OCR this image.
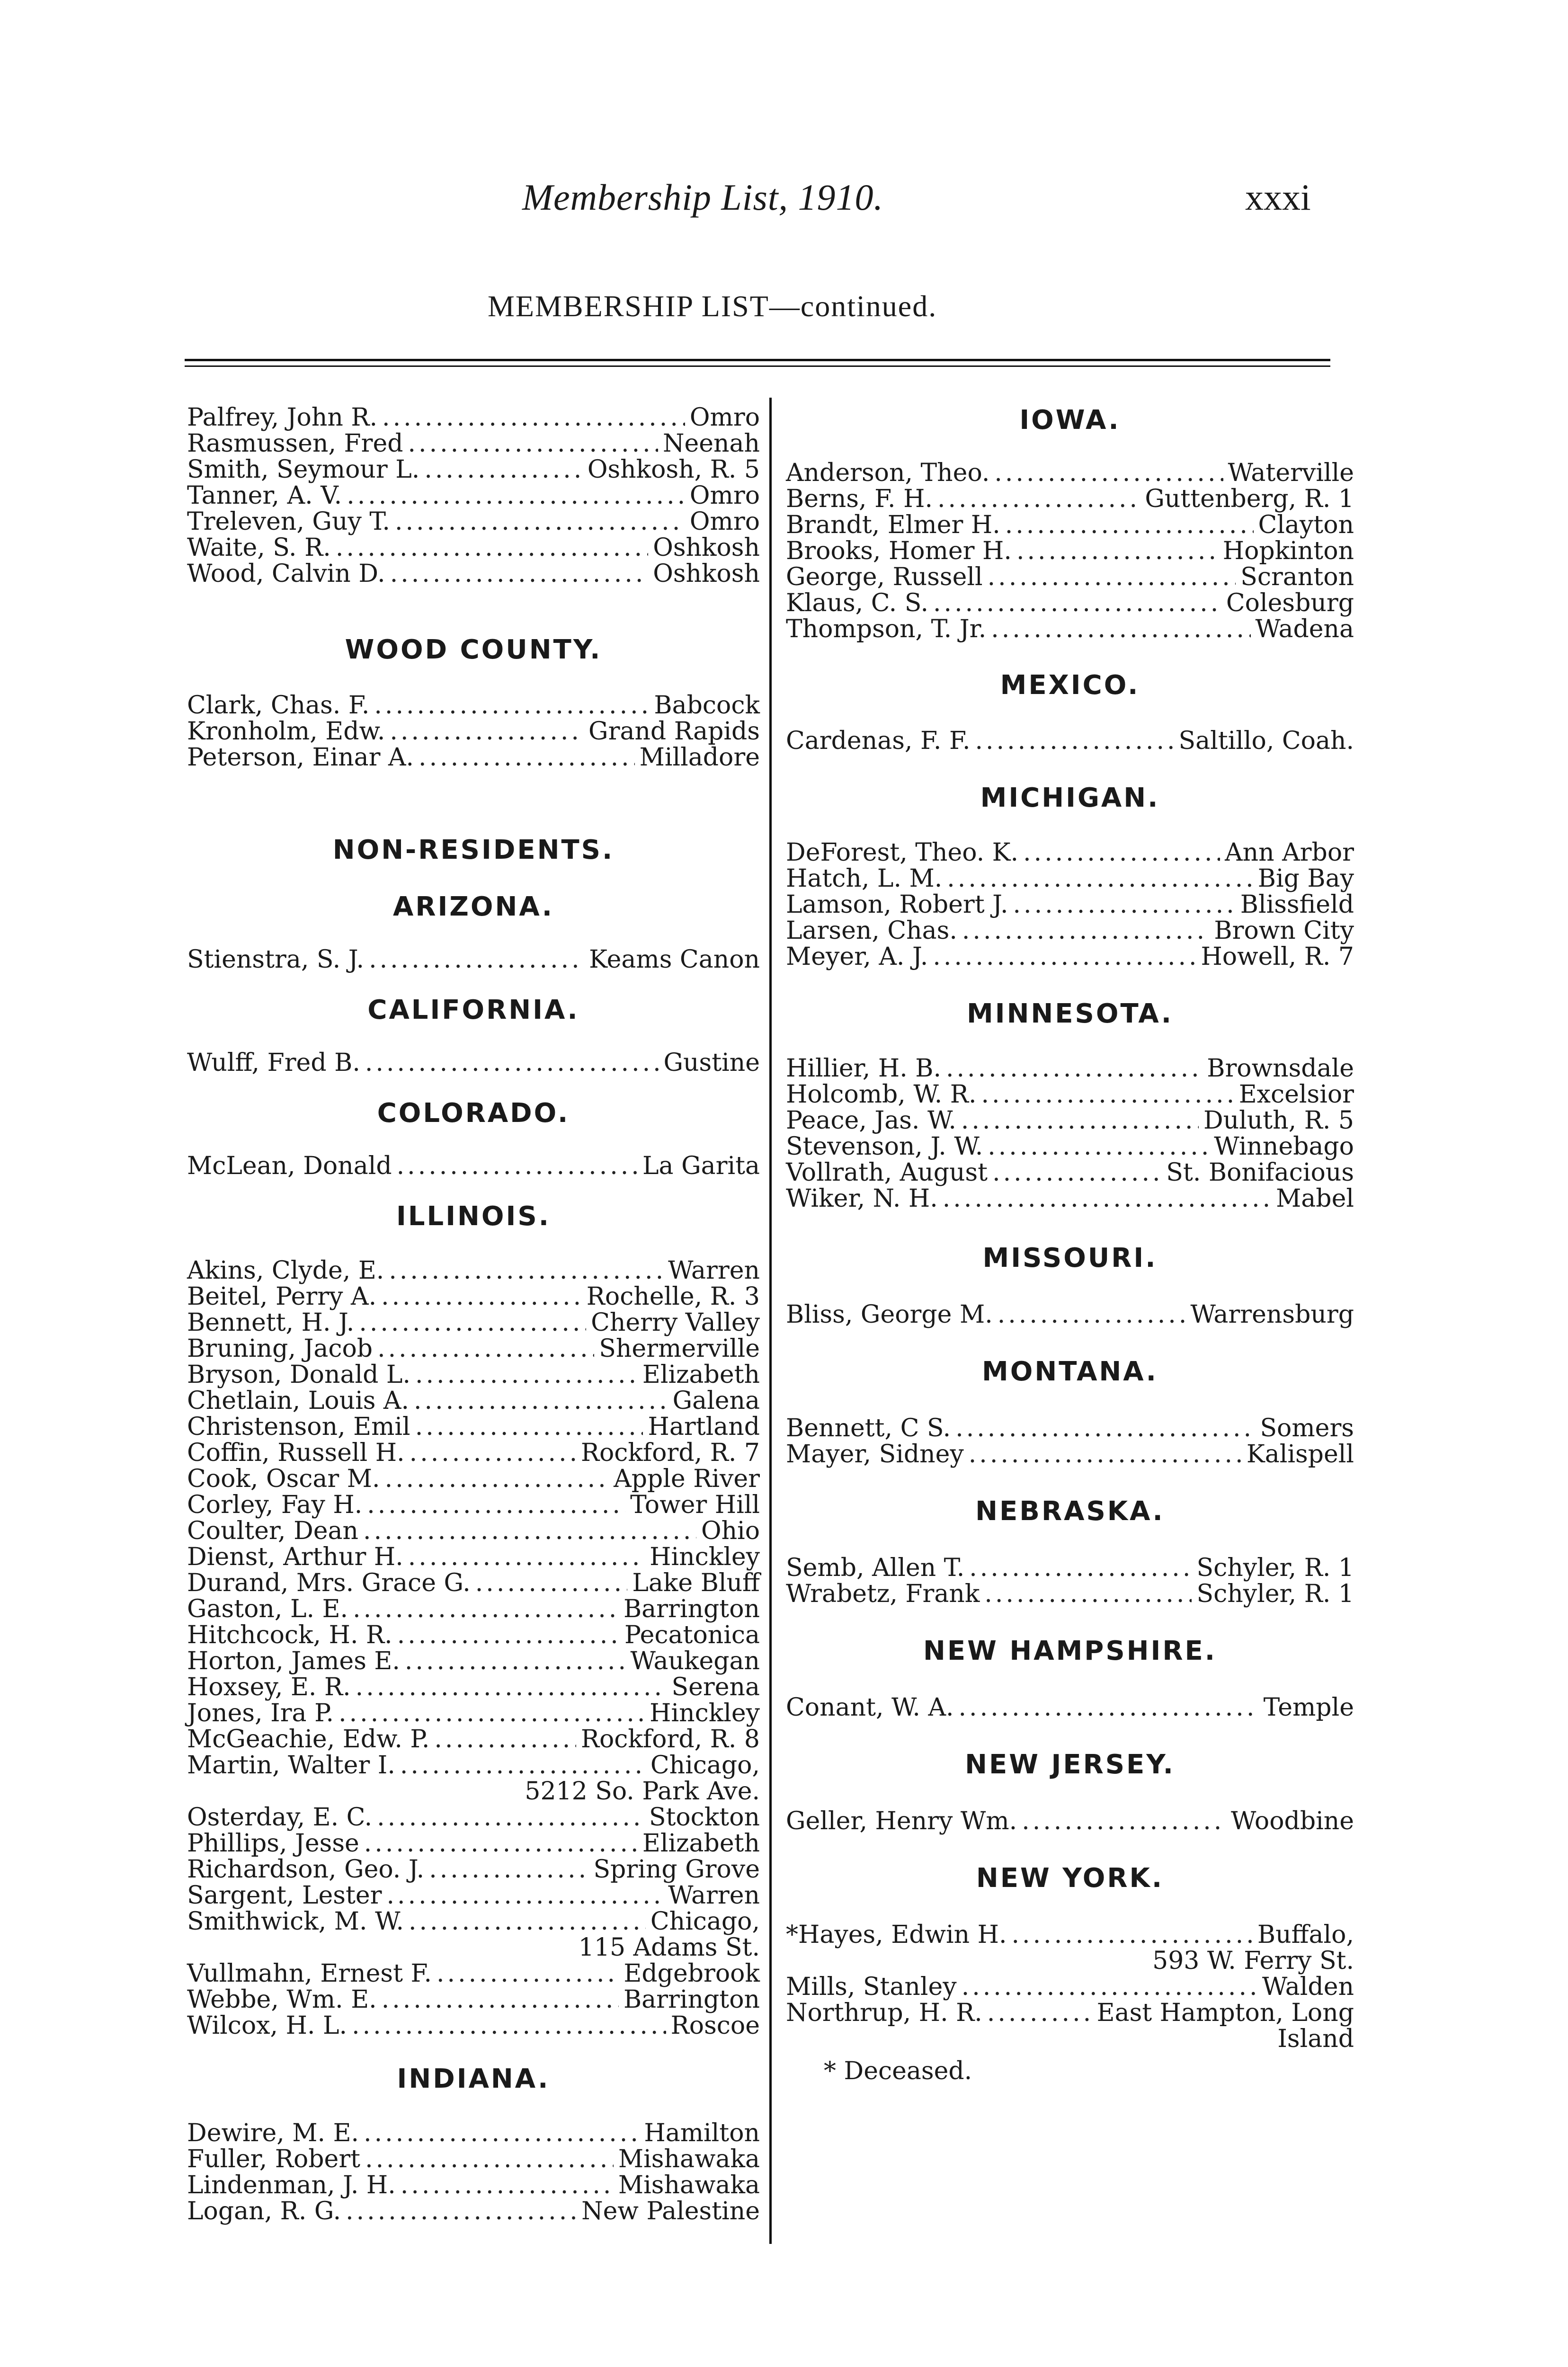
Membership List, 1910.	xxxi
MEMBERSHIP LIST—continued.
Palfrey, John R. .....	Omro
Rasmussen, Fred .....	Neenah
Smith, Seymour L. .....	Oshkosh, R. 5
Tanner, A. V. .....	Omro
Treleven, Guy T. .....	Omro
Waite, S. R. .....	Oshkosh
Wood, Calvin D. .....	Oshkosh
WOOD COUNTY.
Clark, Chas. F. .....	Babcock
Kronholm, Edw. .....	Grand Rapids
Peterson, Einar A. .....	Milladore
NON-RESIDENTS.
ARIZONA.
Stienstra, S. J. .....	Keams Canon
CALIFORNIA.
Wulff, Fred B. .....	Gustine
COLORADO.
McLean, Donald .....	La Garita
ILLINOIS.
Akins, Clyde, E. .....	Warren
Beitel, Perry A. .....	Rochelle, R. 3
Bennett, H. J. .....	Cherry Valley
Bruning, Jacob .....	Shermerville
Bryson, Donald L. .....	Elizabeth
Chetlain, Louis A. .....	Galena
Christenson, Emil .....	Hartland
Coffin, Russell H. .....	Rockford, R. 7
Cook, Oscar M. .....	Apple River
Corley, Fay H. .....	Tower Hill
Coulter, Dean .....	Ohio
Dienst, Arthur H. .....	Hinckley
Durand, Mrs. Grace G. .....	Lake Bluff
Gaston, L. E. .....	Barrington
Hitchcock, H. R. .....	Pecatonica
Horton, James E. .....	Waukegan
Hoxsey, E. R. .....	Serena
Jones, Ira P. .....	Hinckley
McGeachie, Edw. P. .....	Rockford, R. 8
Martin, Walter I. .....	Chicago,
5212 So. Park Ave.
Osterday, E. C. .....	Stockton
Phillips, Jesse .....	Elizabeth
Richardson, Geo. J. .....	Spring Grove
Sargent, Lester .....	Warren
Smithwick, M. W. .....	Chicago,
115 Adams St.
Vullmahn, Ernest F. .....	Edgebrook
Webbe, Wm. E. .....	Barrington
Wilcox, H. L. .....	Roscoe
INDIANA.
Dewire, M. E. .....	Hamilton
Fuller, Robert .....	Mishawaka
Lindenman, J. H. .....	Mishawaka
Logan, R. G. .....	New Palestine
IOWA.
Anderson, Theo. .....	Waterville
Berns, F. H. .....	Guttenberg, R. 1
Brandt, Elmer H. .....	Clayton
Brooks, Homer H. .....	Hopkinton
George, Russell .....	Scranton
Klaus, C. S. .....	Colesburg
Thompson, T. Jr. .....	Wadena
MEXICO.
Cardenas, F. F. .....	Saltillo, Coah.
MICHIGAN.
DeForest, Theo. K. .....	Ann Arbor
Hatch, L. M. .....	Big Bay
Lamson, Robert J. .....	Blissfield
Larsen, Chas. .....	Brown City
Meyer, A. J. .....	Howell, R. 7
MINNESOTA.
Hillier, H. B. .....	Brownsdale
Holcomb, W. R. .....	Excelsior
Peace, Jas. W. .....	Duluth, R. 5
Stevenson, J. W. .....	Winnebago
Vollrath, August .....	St. Bonifacious
Wiker, N. H. .....	Mabel
MISSOURI.
Bliss, George M. .....	Warrensburg
MONTANA.
Bennett, C S. .....	Somers
Mayer, Sidney .....	Kalispell
NEBRASKA.
Semb, Allen T. .....	Schyler, R. 1
Wrabetz, Frank .....	Schyler, R. 1
NEW HAMPSHIRE.
Conant, W. A. .....	Temple
NEW JERSEY.
Geller, Henry Wm. .....	Woodbine
NEW YORK.
*Hayes, Edwin H. .....	Buffalo,
593 W. Ferry St.
Mills, Stanley .....	Walden
Northrup, H. R. .....	East Hampton, Long
Island
* Deceased.
